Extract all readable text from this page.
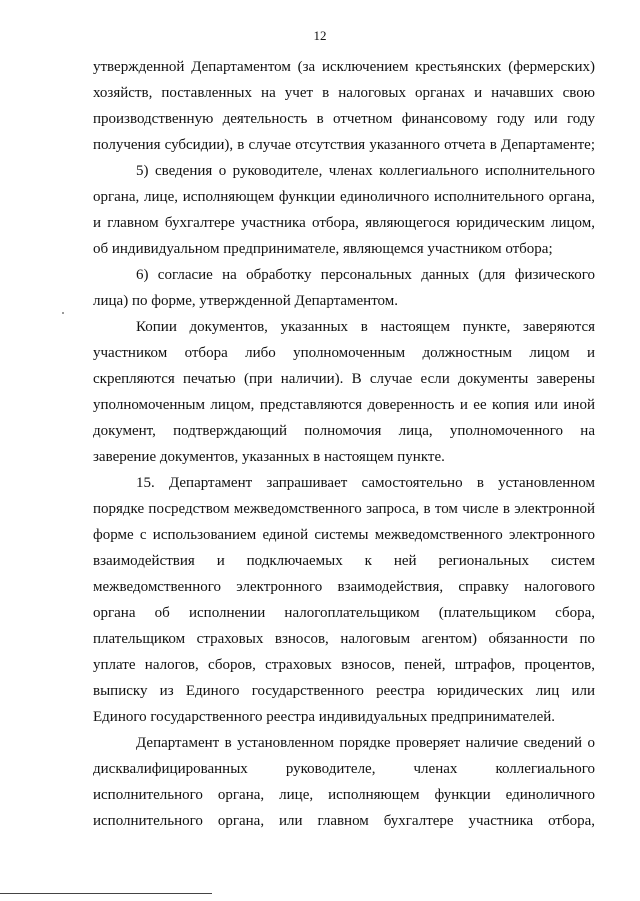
12
утвержденной Департаментом (за исключением крестьянских (фермерских)
хозяйств, поставленных на учет в налоговых органах и начавших свою
производственную деятельность в отчетном финансовому году или году
получения субсидии), в случае отсутствия указанного отчета в Департаменте;
5) сведения о руководителе, членах коллегиального исполнительного
органа, лице, исполняющем функции единоличного исполнительного органа,
и главном бухгалтере участника отбора, являющегося юридическим лицом,
об индивидуальном предпринимателе, являющемся участником отбора;
6) согласие на обработку персональных данных (для физического
лица) по форме, утвержденной Департаментом.
Копии документов, указанных в настоящем пункте, заверяются
участником отбора либо уполномоченным должностным лицом и
скрепляются печатью (при наличии). В случае если документы заверены
уполномоченным лицом, представляются доверенность и ее копия или иной
документ, подтверждающий полномочия лица, уполномоченного на
заверение документов, указанных в настоящем пункте.
15. Департамент запрашивает самостоятельно в установленном
порядке посредством межведомственного запроса, в том числе в электронной
форме с использованием единой системы межведомственного электронного
взаимодействия и подключаемых к ней региональных систем
межведомственного электронного взаимодействия, справку налогового
органа об исполнении налогоплательщиком (плательщиком сбора,
плательщиком страховых взносов, налоговым агентом) обязанности по
уплате налогов, сборов, страховых взносов, пеней, штрафов, процентов,
выписку из Единого государственного реестра юридических лиц или
Единого государственного реестра индивидуальных предпринимателей.
Департамент в установленном порядке проверяет наличие сведений о
дисквалифицированных руководителе, членах коллегиального
исполнительного органа, лице, исполняющем функции единоличного
исполнительного органа, или главном бухгалтере участника отбора,
